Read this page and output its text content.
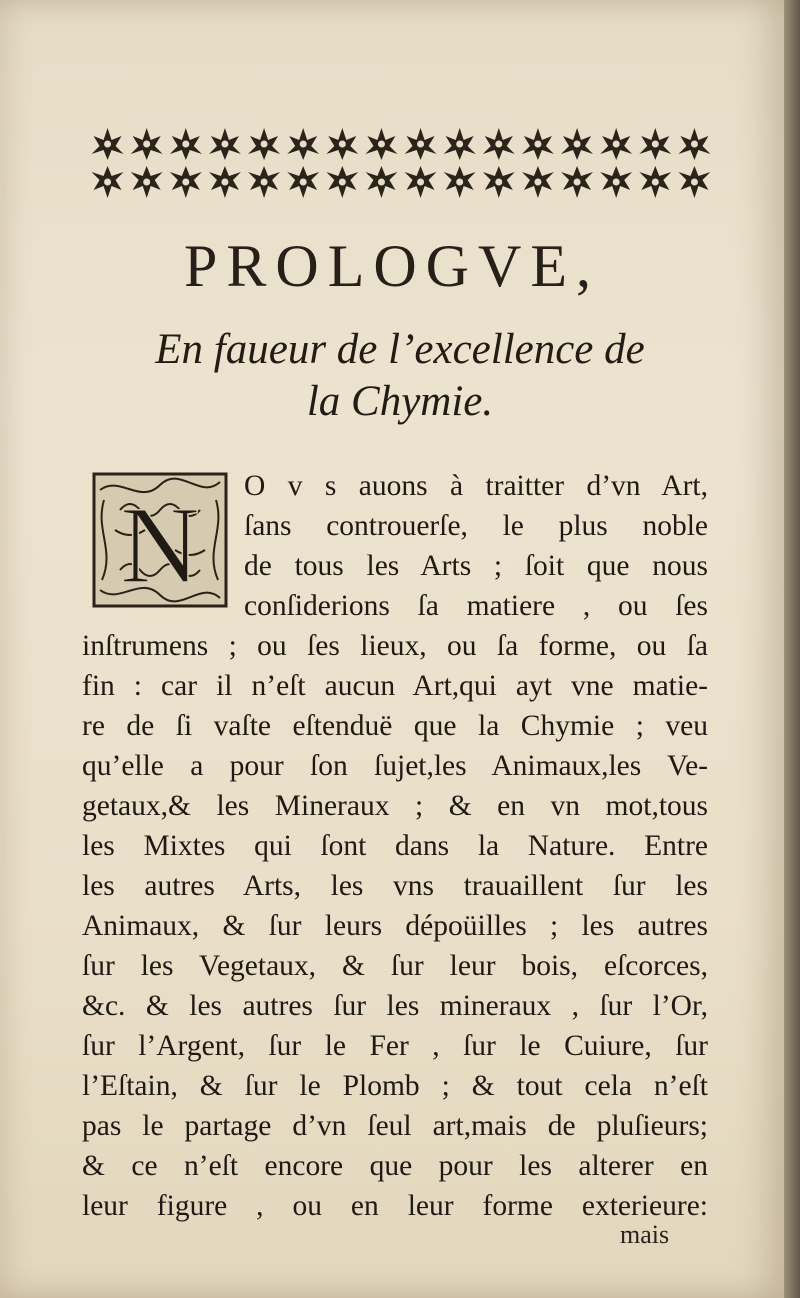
PROLOGVE,
En faueur de l’excellence de
la Chymie.
N
mais
O v s auons à traitter d’vn Art,
ſans controuerſe, le plus noble
de tous les Arts ; ſoit que nous
conſiderions ſa matiere , ou ſes
inſtrumens ; ou ſes lieux, ou ſa forme, ou ſa
fin : car il n’eſt aucun Art,qui ayt vne matie-
re de ſi vaſte eſtenduë que la Chymie ; veu
qu’elle a pour ſon ſujet,les Animaux,les Ve-
getaux,& les Mineraux ; & en vn mot,tous
les Mixtes qui ſont dans la Nature. Entre
les autres Arts, les vns trauaillent ſur les
Animaux, & ſur leurs dépoüilles ; les autres
ſur les Vegetaux, & ſur leur bois, eſcorces,
&c. & les autres ſur les mineraux , ſur l’Or,
ſur l’Argent, ſur le Fer , ſur le Cuiure, ſur
l’Eſtain, & ſur le Plomb ; & tout cela n’eſt
pas le partage d’vn ſeul art,mais de pluſieurs;
& ce n’eſt encore que pour les alterer en
leur figure , ou en leur forme exterieure:
